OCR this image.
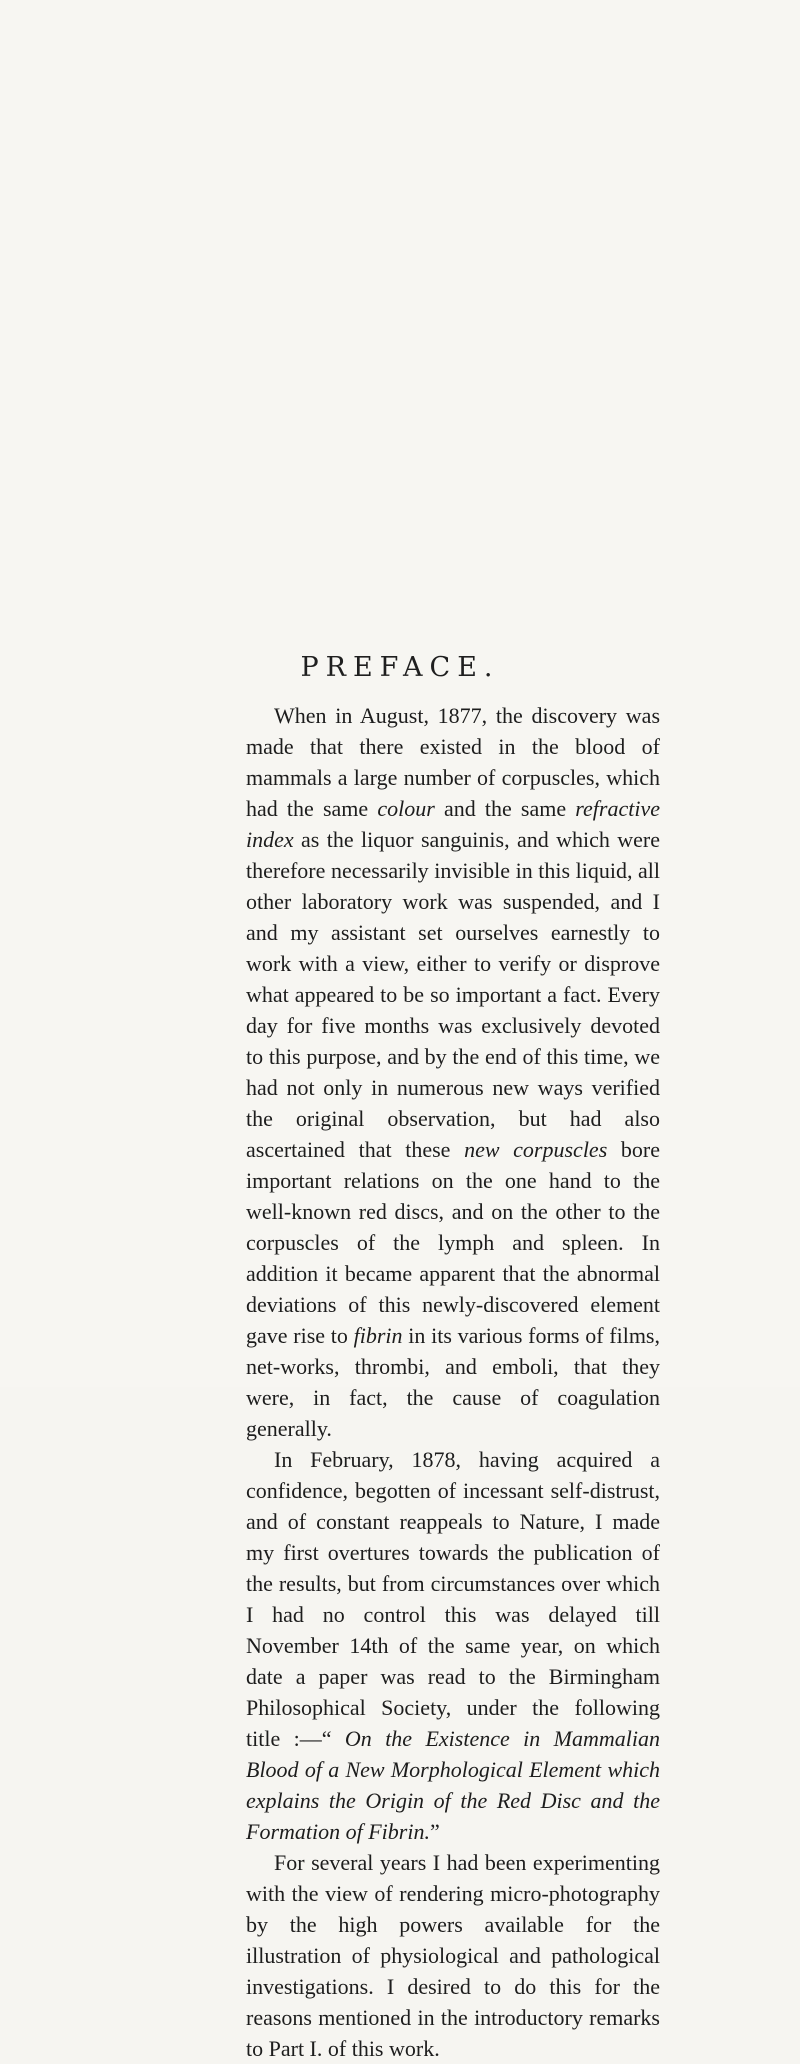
PREFACE.

When in August, 1877, the discovery was made that there existed in the blood of mammals a large number of corpuscles, which had the same colour and the same refractive index as the liquor sanguinis, and which were therefore necessarily invisible in this liquid, all other laboratory work was suspended, and I and my assistant set ourselves earnestly to work with a view, either to verify or disprove what appeared to be so important a fact. Every day for five months was exclusively devoted to this purpose, and by the end of this time, we had not only in numerous new ways verified the original observation, but had also ascertained that these new corpuscles bore important relations on the one hand to the well-known red discs, and on the other to the corpuscles of the lymph and spleen. In addition it became apparent that the abnormal deviations of this newly-discovered element gave rise to fibrin in its various forms of films, net-works, thrombi, and emboli, that they were, in fact, the cause of coagulation generally.

In February, 1878, having acquired a confidence, begotten of incessant self-distrust, and of constant reappeals to Nature, I made my first overtures towards the publication of the results, but from circumstances over which I had no control this was delayed till November 14th of the same year, on which date a paper was read to the Birmingham Philosophical Society, under the following title :—“ On the Existence in Mammalian Blood of a New Morphological Element which explains the Origin of the Red Disc and the Formation of Fibrin.”

For several years I had been experimenting with the view of rendering micro-photography by the high powers available for the illustration of physiological and pathological investigations. I desired to do this for the reasons mentioned in the introductory remarks to Part I. of this work.
